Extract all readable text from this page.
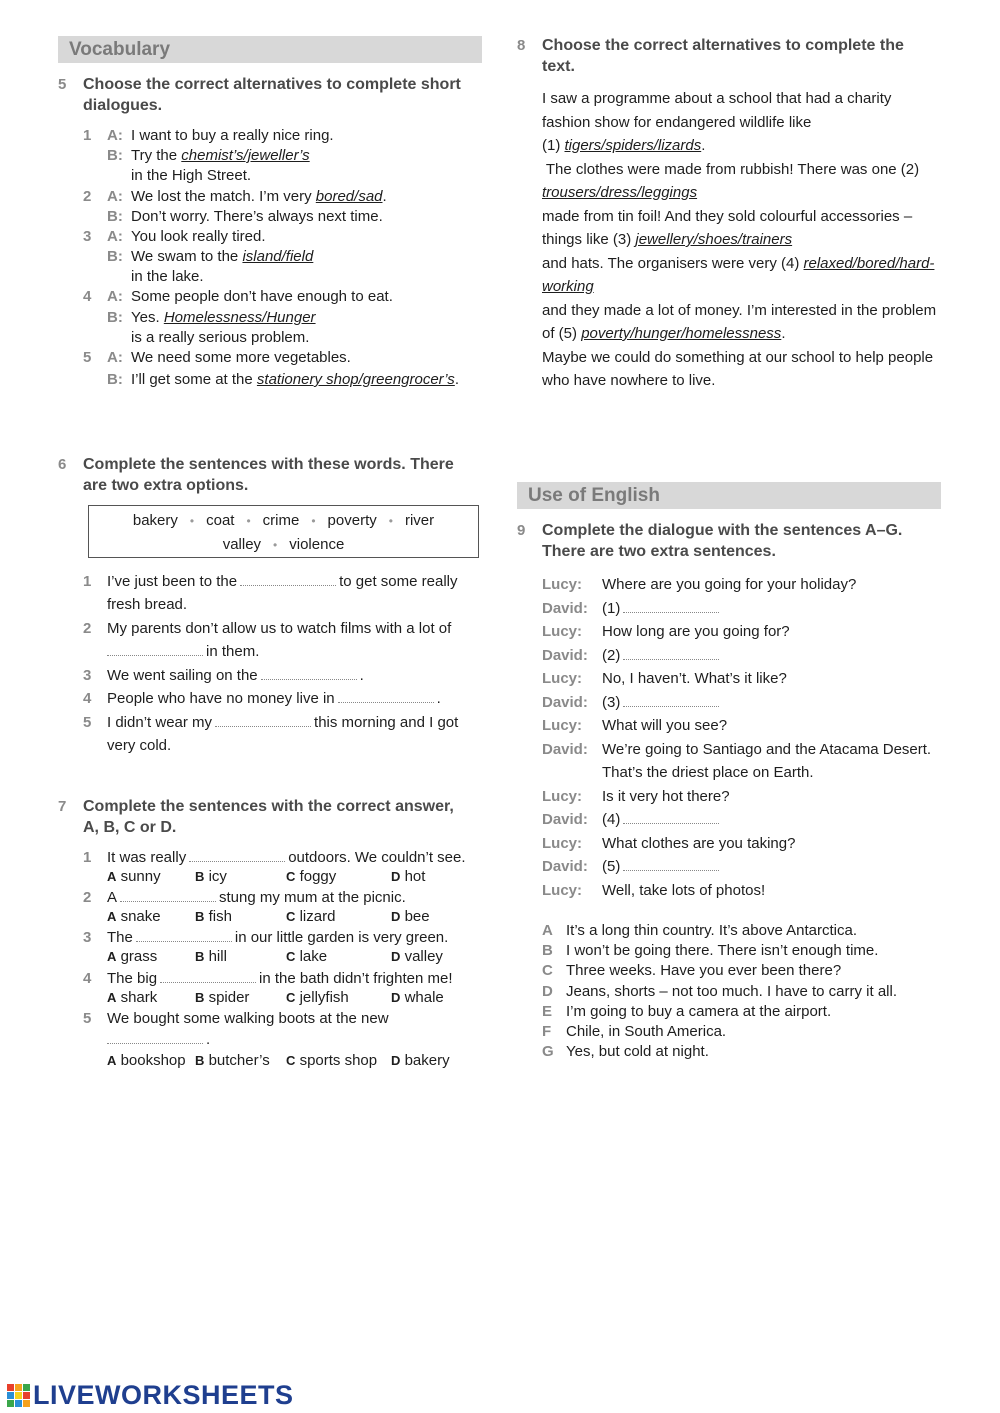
Vocabulary
5 Choose the correct alternatives to complete short
dialogues.
1 A: I want to buy a really nice ring.
B: Try the chemist’s/jeweller’s
in the High Street.
2 A: We lost the match. I’m very bored/sad.
B: Don’t worry. There’s always next time.
3 A: You look really tired.
B: We swam to the island/field
in the lake.
4 A: Some people don’t have enough to eat.
B: Yes. Homelessness/Hunger
is a really serious problem.
5 A: We need some more vegetables.
B: I’ll get some at the stationery shop/greengrocer’s.
6 Complete the sentences with these words. There
are two extra options.
bakery • coat • crime • poverty • river
valley • violence
1 I’ve just been to the	to get some really
fresh bread.
2 My parents don’t allow us to watch films with a lot of
in them.
3 We went sailing on the	.
4 People who have no money live in	.
5 I didn’t wear my	this morning and I got
very cold.
7 Complete the sentences with the correct answer,
A, B, C or D.
1 It was really	outdoors. We couldn’t see.
A sunny	B icy	C foggy	D hot
2 A	stung my mum at the picnic.
A snake	B fish	C lizard	D bee
3 The	in our little garden is very green.
A grass	B hill	C lake	D valley
4 The big	in the bath didn’t frighten me!
A shark	B spider	C jellyfish	D whale
5 We bought some walking boots at the new
.
A bookshop B butcher’s C sports shop D bakery
8 Choose the correct alternatives to complete the
text.
I saw a programme about a school that had a charity
fashion show for endangered wildlife like
(1) tigers/spiders/lizards.
The clothes were made from rubbish! There was one (2)
trousers/dress/leggings
made from tin foil! And they sold colourful accessories –
things like (3) jewellery/shoes/trainers
and hats. The organisers were very (4) relaxed/bored/hard-
working
and they made a lot of money. I’m interested in the problem
of (5) poverty/hunger/homelessness.
Maybe we could do something at our school to help people
who have nowhere to live.
Use of English
9 Complete the dialogue with the sentences A–G.
There are two extra sentences.
Lucy: Where are you going for your holiday?
David: (1)
Lucy: How long are you going for?
David: (2)
Lucy: No, I haven’t. What’s it like?
David: (3)
Lucy: What will you see?
David: We’re going to Santiago and the Atacama Desert.
That’s the driest place on Earth.
Lucy: Is it very hot there?
David: (4)
Lucy: What clothes are you taking?
David: (5)
Lucy: Well, take lots of photos!
A It’s a long thin country. It’s above Antarctica.
B I won’t be going there. There isn’t enough time.
C Three weeks. Have you ever been there?
D Jeans, shorts – not too much. I have to carry it all.
E I’m going to buy a camera at the airport.
F Chile, in South America.
G Yes, but cold at night.
LIVEWORKSHEETS
